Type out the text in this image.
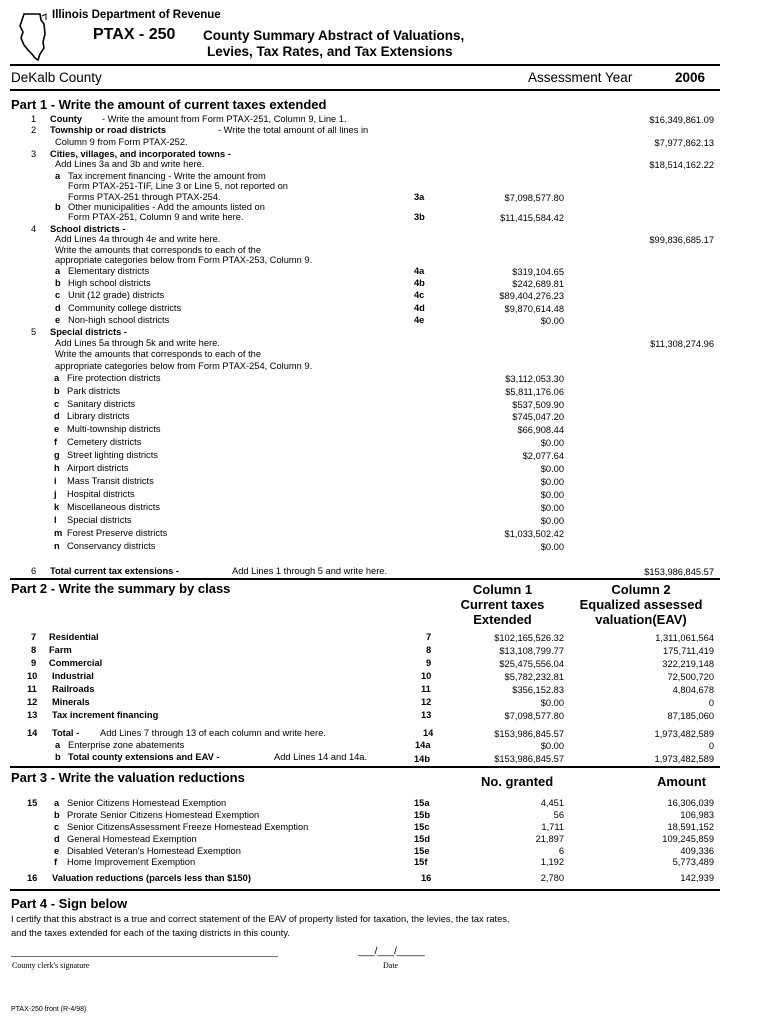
Illinois Department of Revenue
PTAX - 250 County Summary Abstract of Valuations,
Levies, Tax Rates, and Tax Extensions
DeKalb County	Assessment Year	2006
Part 1 - Write the amount of current taxes extended
1 County - Write the amount from Form PTAX-251, Column 9, Line 1.	$16,349,861.09
2 Township or road districts	- Write the total amount of all lines in
Column 9 from Form PTAX-252.	$7,977,862.13
3 Cities, villages, and incorporated towns -
Add Lines 3a and 3b and write here.	$18,514,162.22
a Tax increment financing - Write the amount from
Form PTAX-251-TIF, Line 3 or Line 5, not reported on
Forms PTAX-251 through PTAX-254.	3a	$7,098,577.80
b Other municipalities - Add the amounts listed on
Form PTAX-251, Column 9 and write here.	3b	$11,415,584.42
4 School districts -
Add Lines 4a through 4e and write here.	$99,836,685.17
Write the amounts that corresponds to each of the
appropriate categories below from Form PTAX-253, Column 9.
a Elementary districts	4a	$319,104.65
b High school districts	4b	$242,689.81
c Unit (12 grade) districts	4c	$89,404,276.23
d Community college districts	4d	$9,870,614.48
e Non-high school districts	4e	$0.00
5 Special districts -
Add Lines 5a through 5k and write here.	$11,308,274.96
Write the amounts that corresponds to each of the
appropriate categories below from Form PTAX-254, Column 9.
a Fire protection districts	$3,112,053.30
b Park districts	$5,811,176.06
c Sanitary districts	$537,509.90
d Library districts	$745,047.20
e Multi-township districts	$66,908.44
f Cemetery districts	$0.00
g Street lighting districts	$2,077.64
h Airport districts	$0.00
i Mass Transit districts	$0.00
j Hospital districts	$0.00
k Miscellaneous districts	$0.00
l Special districts	$0.00
m Forest Preserve districts	$1,033,502.42
n Conservancy districts	$0.00
6 Total current tax extensions -	Add Lines 1 through 5 and write here.	$153,986,845.57
Part 2 - Write the summary by class	Column 1
Current taxes
Extended
Column 2
Equalized assessed
valuation(EAV)
7 Residential	7	$102,165,526.32	1,311,061,564
8 Farm	8	$13,108,799.77	175,711,419
9 Commercial	9	$25,475,556.04	322,219,148
10 Industrial	10	$5,782,232.81	72,500,720
11 Railroads	11	$356,152.83	4,804,678
12 Minerals	12	$0.00	0
13 Tax increment financing	13	$7,098,577.80	87,185,060
14 Total - Add Lines 7 through 13 of each column and write here.	14	$153,986,845.57	1,973,482,589
a Enterprise zone abatements	14a	$0.00	0
b Total county extensions and EAV -	Add Lines 14 and 14a.	14b	$153,986,845.57	1,973,482,589
Part 3 - Write the valuation reductions	No. granted	Amount
15 a Senior Citizens Homestead Exemption	15a	4,451	16,306,039
b Prorate Senior Citizens Homestead Exemption	15b	56	106,983
c Senior CitizensAssessment Freeze Homestead Exemption	15c	1,711	18,591,152
d General Homestead Exemption	15d	21,897	109,245,859
e Disabled Veteran's Homestead Exemption	15e	6	409,336
f Home Improvement Exemption	15f	1,192	5,773,489
16 Valuation reductions (parcels less than $150)	16	2,780	142,939
Part 4 - Sign below
I certify that this abstract is a true and correct statement of the EAV of property listed for taxation, the levies, the tax rates,
and the taxes extended for each of the taxing districts in this county.
County clerk's signature
___/___/_____
Date
PTAX-250 front (R-4/98)
